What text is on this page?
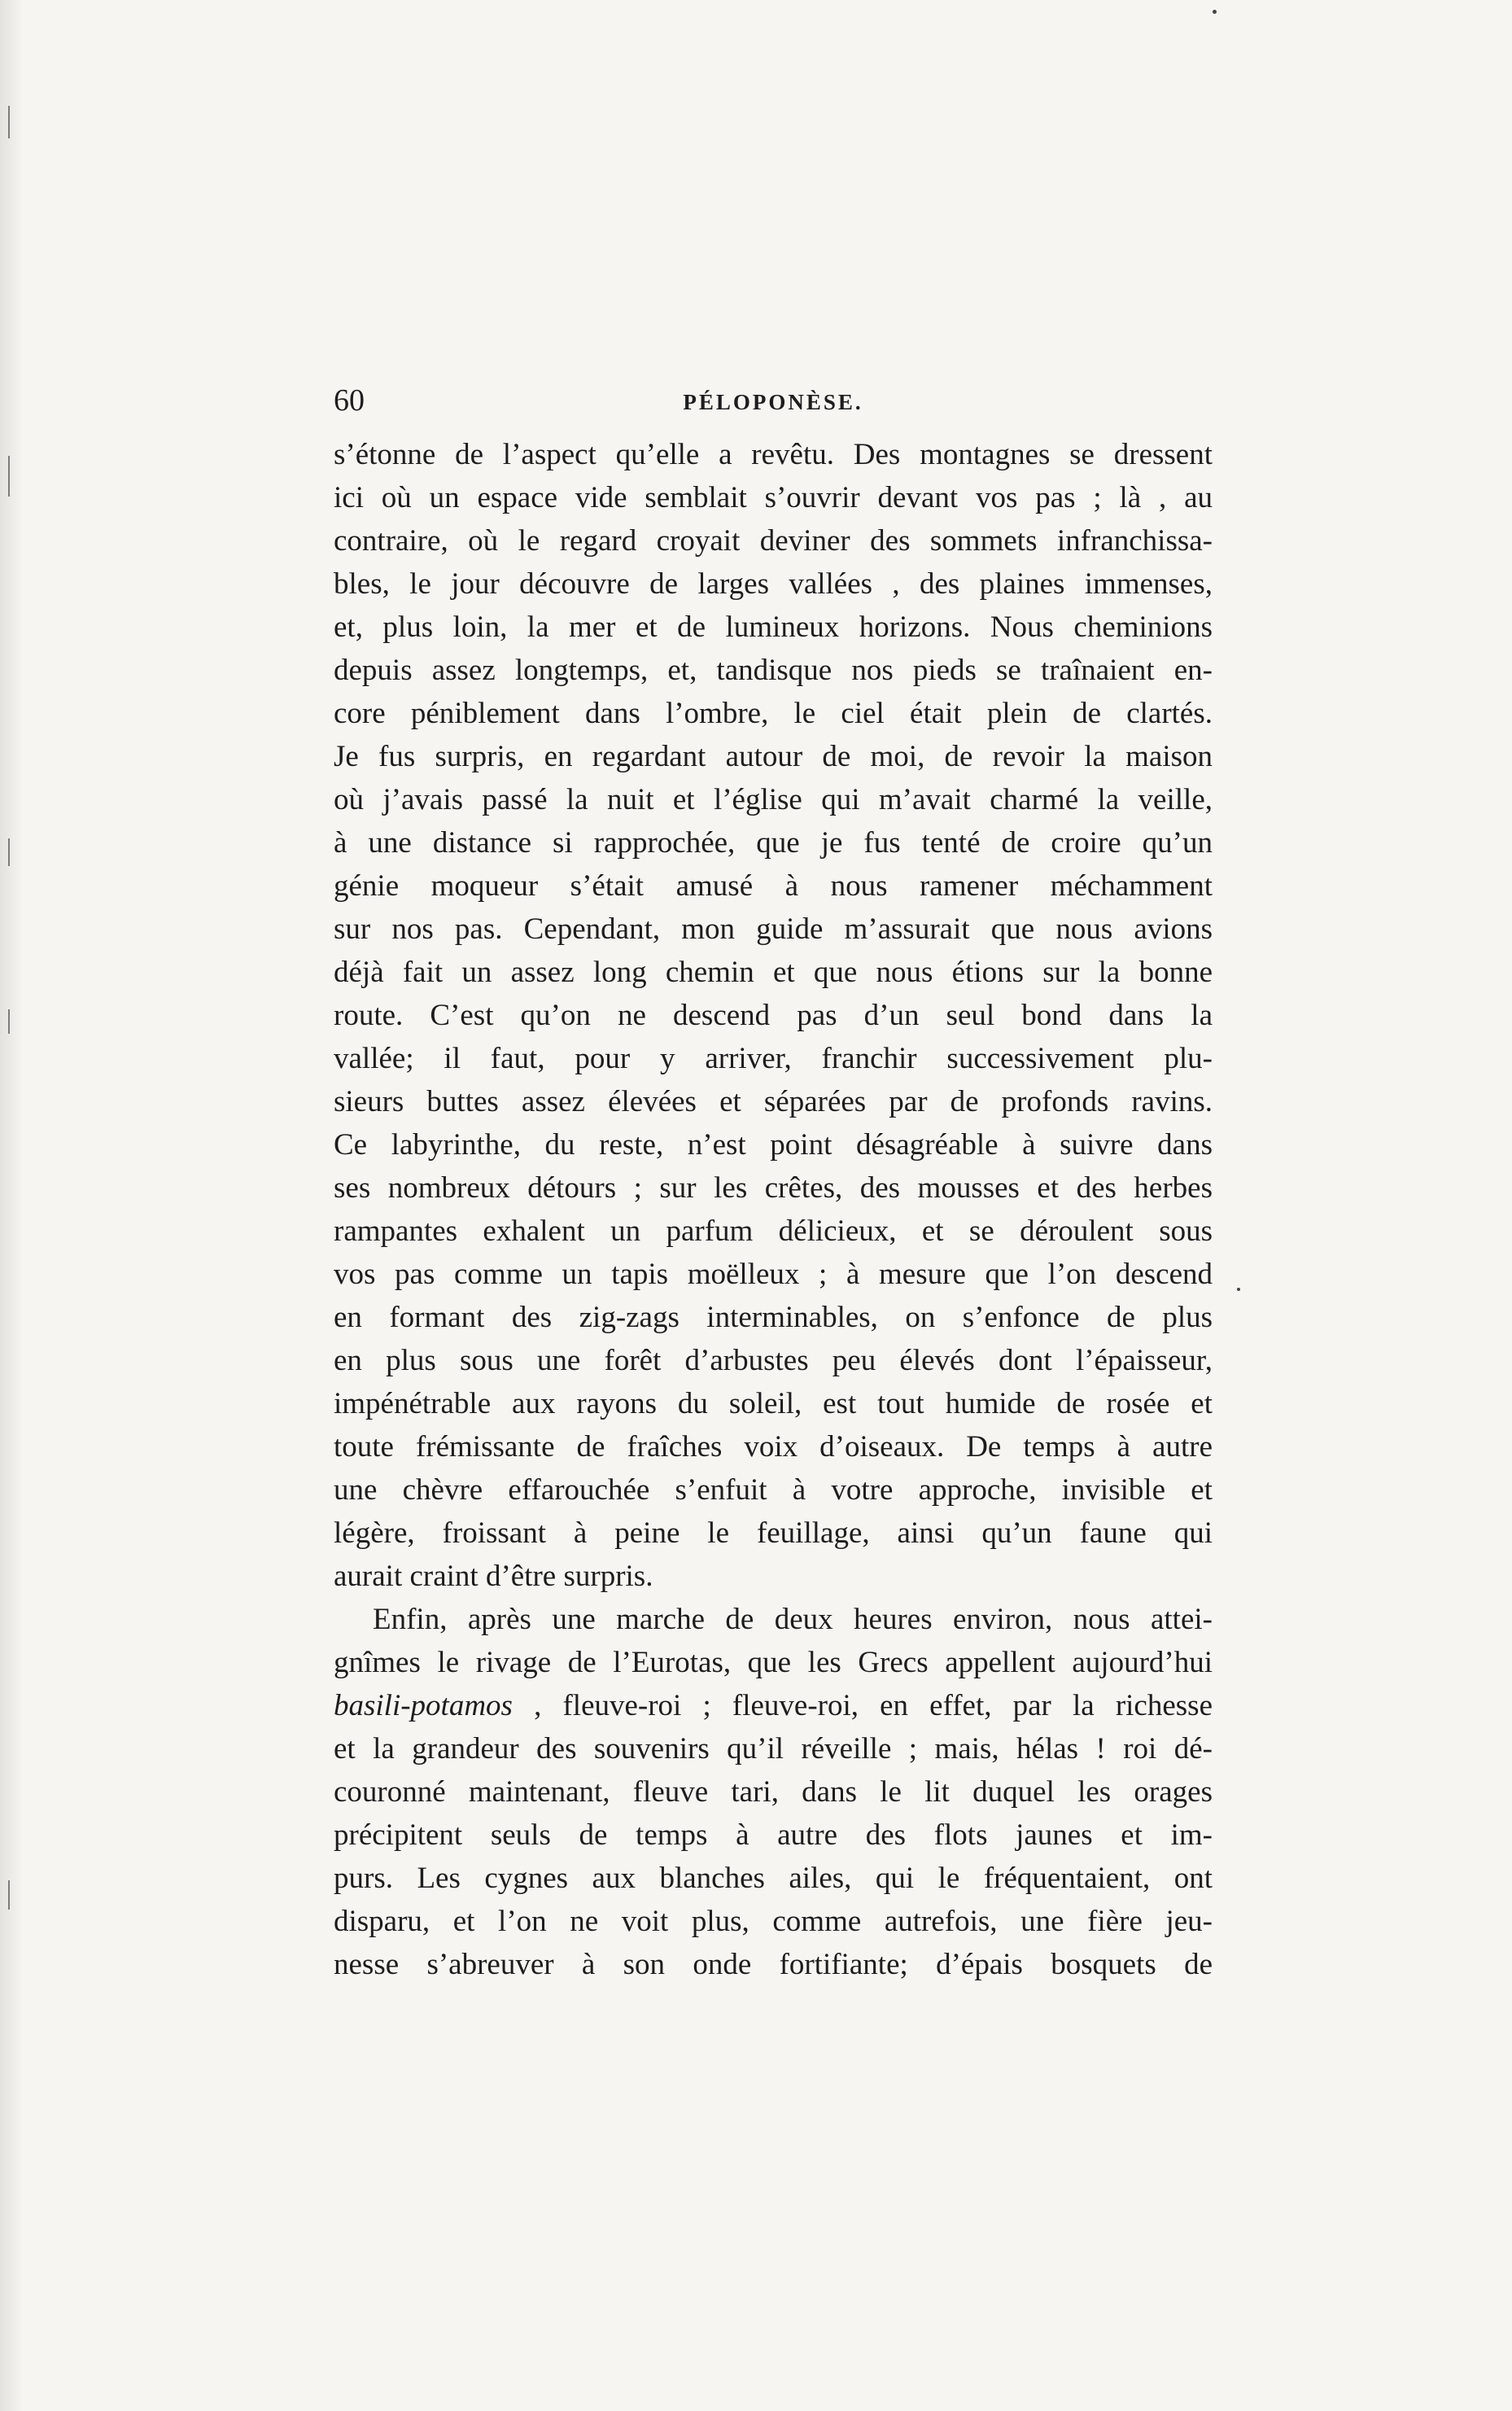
60	PÉLOPONÈSE.
s’étonne de l’aspect qu’elle a revêtu. Des montagnes se dressent
ici où un espace vide semblait s’ouvrir devant vos pas ; là , au
contraire, où le regard croyait deviner des sommets infranchissa-
bles, le jour découvre de larges vallées , des plaines immenses,
et, plus loin, la mer et de lumineux horizons. Nous cheminions
depuis assez longtemps, et, tandisque nos pieds se traînaient en-
core péniblement dans l’ombre, le ciel était plein de clartés.
Je fus surpris, en regardant autour de moi, de revoir la maison
où j’avais passé la nuit et l’église qui m’avait charmé la veille,
à une distance si rapprochée, que je fus tenté de croire qu’un
génie moqueur s’était amusé à nous ramener méchamment
sur nos pas. Cependant, mon guide m’assurait que nous avions
déjà fait un assez long chemin et que nous étions sur la bonne
route. C’est qu’on ne descend pas d’un seul bond dans la
vallée; il faut, pour y arriver, franchir successivement plu-
sieurs buttes assez élevées et séparées par de profonds ravins.
Ce labyrinthe, du reste, n’est point désagréable à suivre dans
ses nombreux détours ; sur les crêtes, des mousses et des herbes
rampantes exhalent un parfum délicieux, et se déroulent sous
vos pas comme un tapis moëlleux ; à mesure que l’on descend
en formant des zig-zags interminables, on s’enfonce de plus
en plus sous une forêt d’arbustes peu élevés dont l’épaisseur,
impénétrable aux rayons du soleil, est tout humide de rosée et
toute frémissante de fraîches voix d’oiseaux. De temps à autre
une chèvre effarouchée s’enfuit à votre approche, invisible et
légère, froissant à peine le feuillage, ainsi qu’un faune qui
aurait craint d’être surpris.
Enfin, après une marche de deux heures environ, nous attei-
gnîmes le rivage de l’Eurotas, que les Grecs appellent aujourd’hui
basili-potamos , fleuve-roi ; fleuve-roi, en effet, par la richesse
et la grandeur des souvenirs qu’il réveille ; mais, hélas ! roi dé-
couronné maintenant, fleuve tari, dans le lit duquel les orages
précipitent seuls de temps à autre des flots jaunes et im-
purs. Les cygnes aux blanches ailes, qui le fréquentaient, ont
disparu, et l’on ne voit plus, comme autrefois, une fière jeu-
nesse s’abreuver à son onde fortifiante; d’épais bosquets de
